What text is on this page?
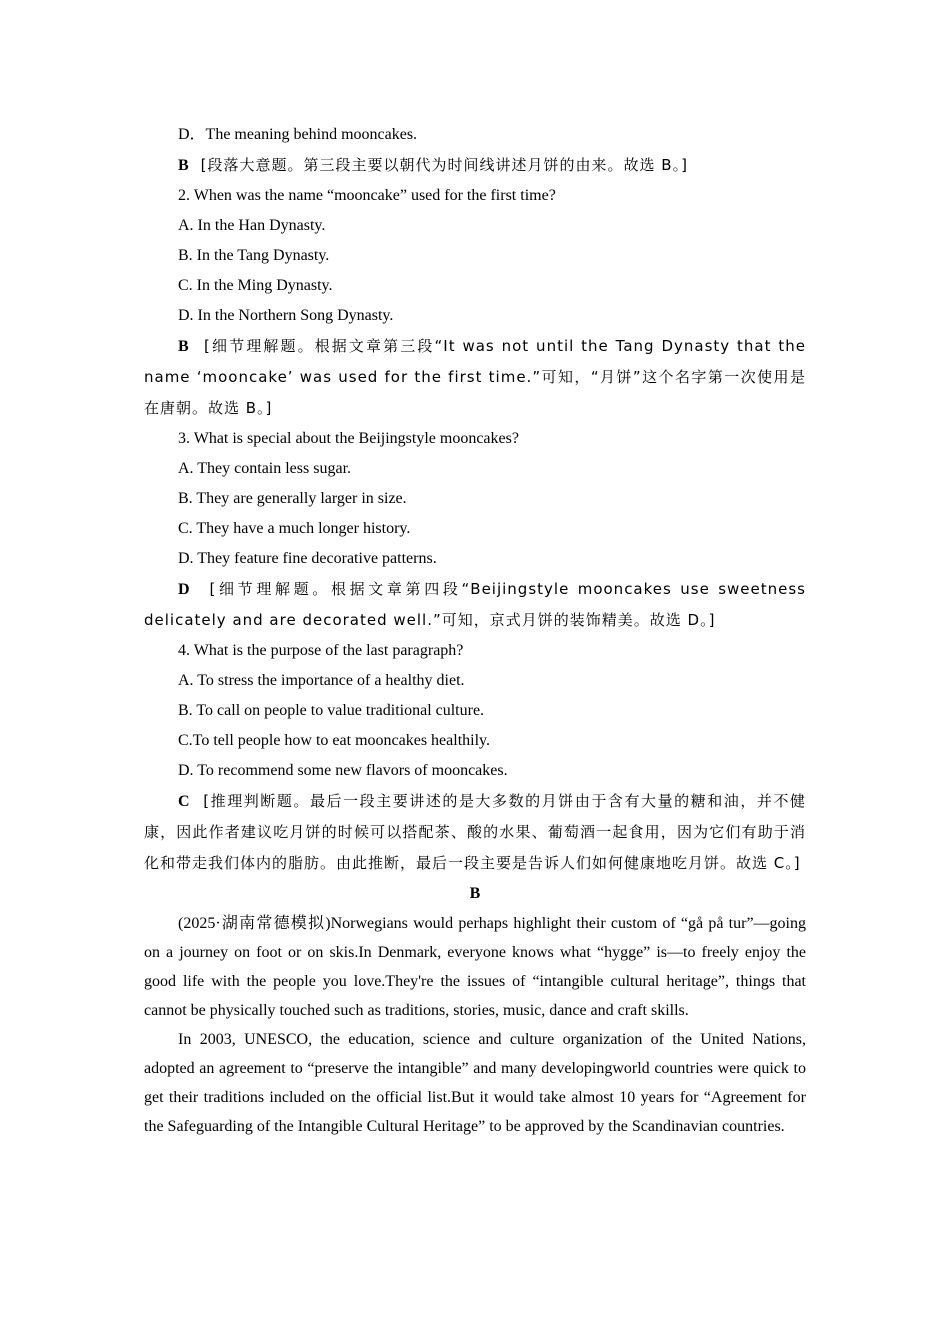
D．The meaning behind mooncakes.

B [段落大意题。第三段主要以朝代为时间线讲述月饼的由来。故选 B。]

2. When was the name “mooncake” used for the first time?

A. In the Han Dynasty.

B. In the Tang Dynasty.

C. In the Ming Dynasty.

D. In the Northern Song Dynasty.

B [细节理解题。根据文章第三段“It was not until the Tang Dynasty that the name ‘mooncake’ was used for the first time.”可知，“月饼”这个名字第一次使用是在唐朝。故选 B。]

3. What is special about the Beijingstyle mooncakes?

A. They contain less sugar.

B. They are generally larger in size.

C. They have a much longer history.

D. They feature fine decorative patterns.

D [细节理解题。根据文章第四段“Beijingstyle mooncakes use sweetness delicately and are decorated well.”可知，京式月饼的装饰精美。故选 D。]

4. What is the purpose of the last paragraph?

A. To stress the importance of a healthy diet.

B. To call on people to value traditional culture.

C.To tell people how to eat mooncakes healthily.

D. To recommend some new flavors of mooncakes.

C [推理判断题。最后一段主要讲述的是大多数的月饼由于含有大量的糖和油，并不健康，因此作者建议吃月饼的时候可以搭配茶、酸的水果、葡萄酒一起食用，因为它们有助于消化和带走我们体内的脂肪。由此推断，最后一段主要是告诉人们如何健康地吃月饼。故选 C。]

B

(2025·湖南常德模拟)Norwegians would perhaps highlight their custom of “gå på tur”—going on a journey on foot or on skis.In Denmark, everyone knows what “hygge” is—to freely enjoy the good life with the people you love.They're the issues of “intangible cultural heritage”, things that cannot be physically touched such as traditions, stories, music, dance and craft skills.

In 2003, UNESCO, the education, science and culture organization of the United Nations, adopted an agreement to “preserve the intangible” and many developingworld countries were quick to get their traditions included on the official list.But it would take almost 10 years for “Agreement for the Safeguarding of the Intangible Cultural Heritage” to be approved by the Scandinavian countries.
